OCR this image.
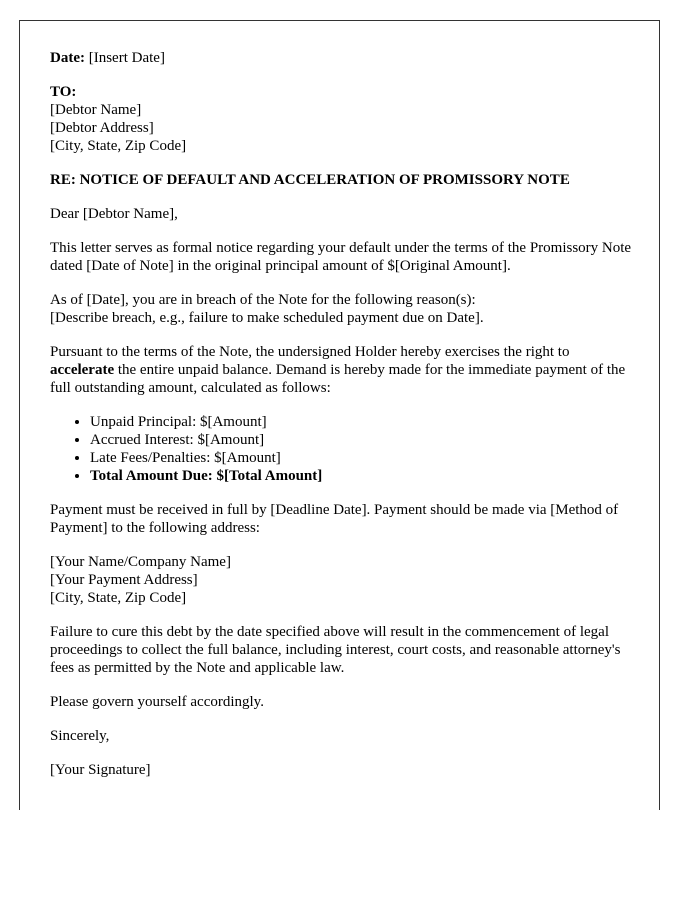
Date: [Insert Date]

TO:
[Debtor Name]
[Debtor Address]
[City, State, Zip Code]

RE: NOTICE OF DEFAULT AND ACCELERATION OF PROMISSORY NOTE

Dear [Debtor Name],

This letter serves as formal notice regarding your default under the terms of the Promissory Note dated [Date of Note] in the original principal amount of $[Original Amount].

As of [Date], you are in breach of the Note for the following reason(s):
[Describe breach, e.g., failure to make scheduled payment due on Date].

Pursuant to the terms of the Note, the undersigned Holder hereby exercises the right to accelerate the entire unpaid balance. Demand is hereby made for the immediate payment of the full outstanding amount, calculated as follows:

• Unpaid Principal: $[Amount]
• Accrued Interest: $[Amount]
• Late Fees/Penalties: $[Amount]
• Total Amount Due: $[Total Amount]

Payment must be received in full by [Deadline Date]. Payment should be made via [Method of Payment] to the following address:

[Your Name/Company Name]
[Your Payment Address]
[City, State, Zip Code]

Failure to cure this debt by the date specified above will result in the commencement of legal proceedings to collect the full balance, including interest, court costs, and reasonable attorney's fees as permitted by the Note and applicable law.

Please govern yourself accordingly.

Sincerely,

[Your Signature]
